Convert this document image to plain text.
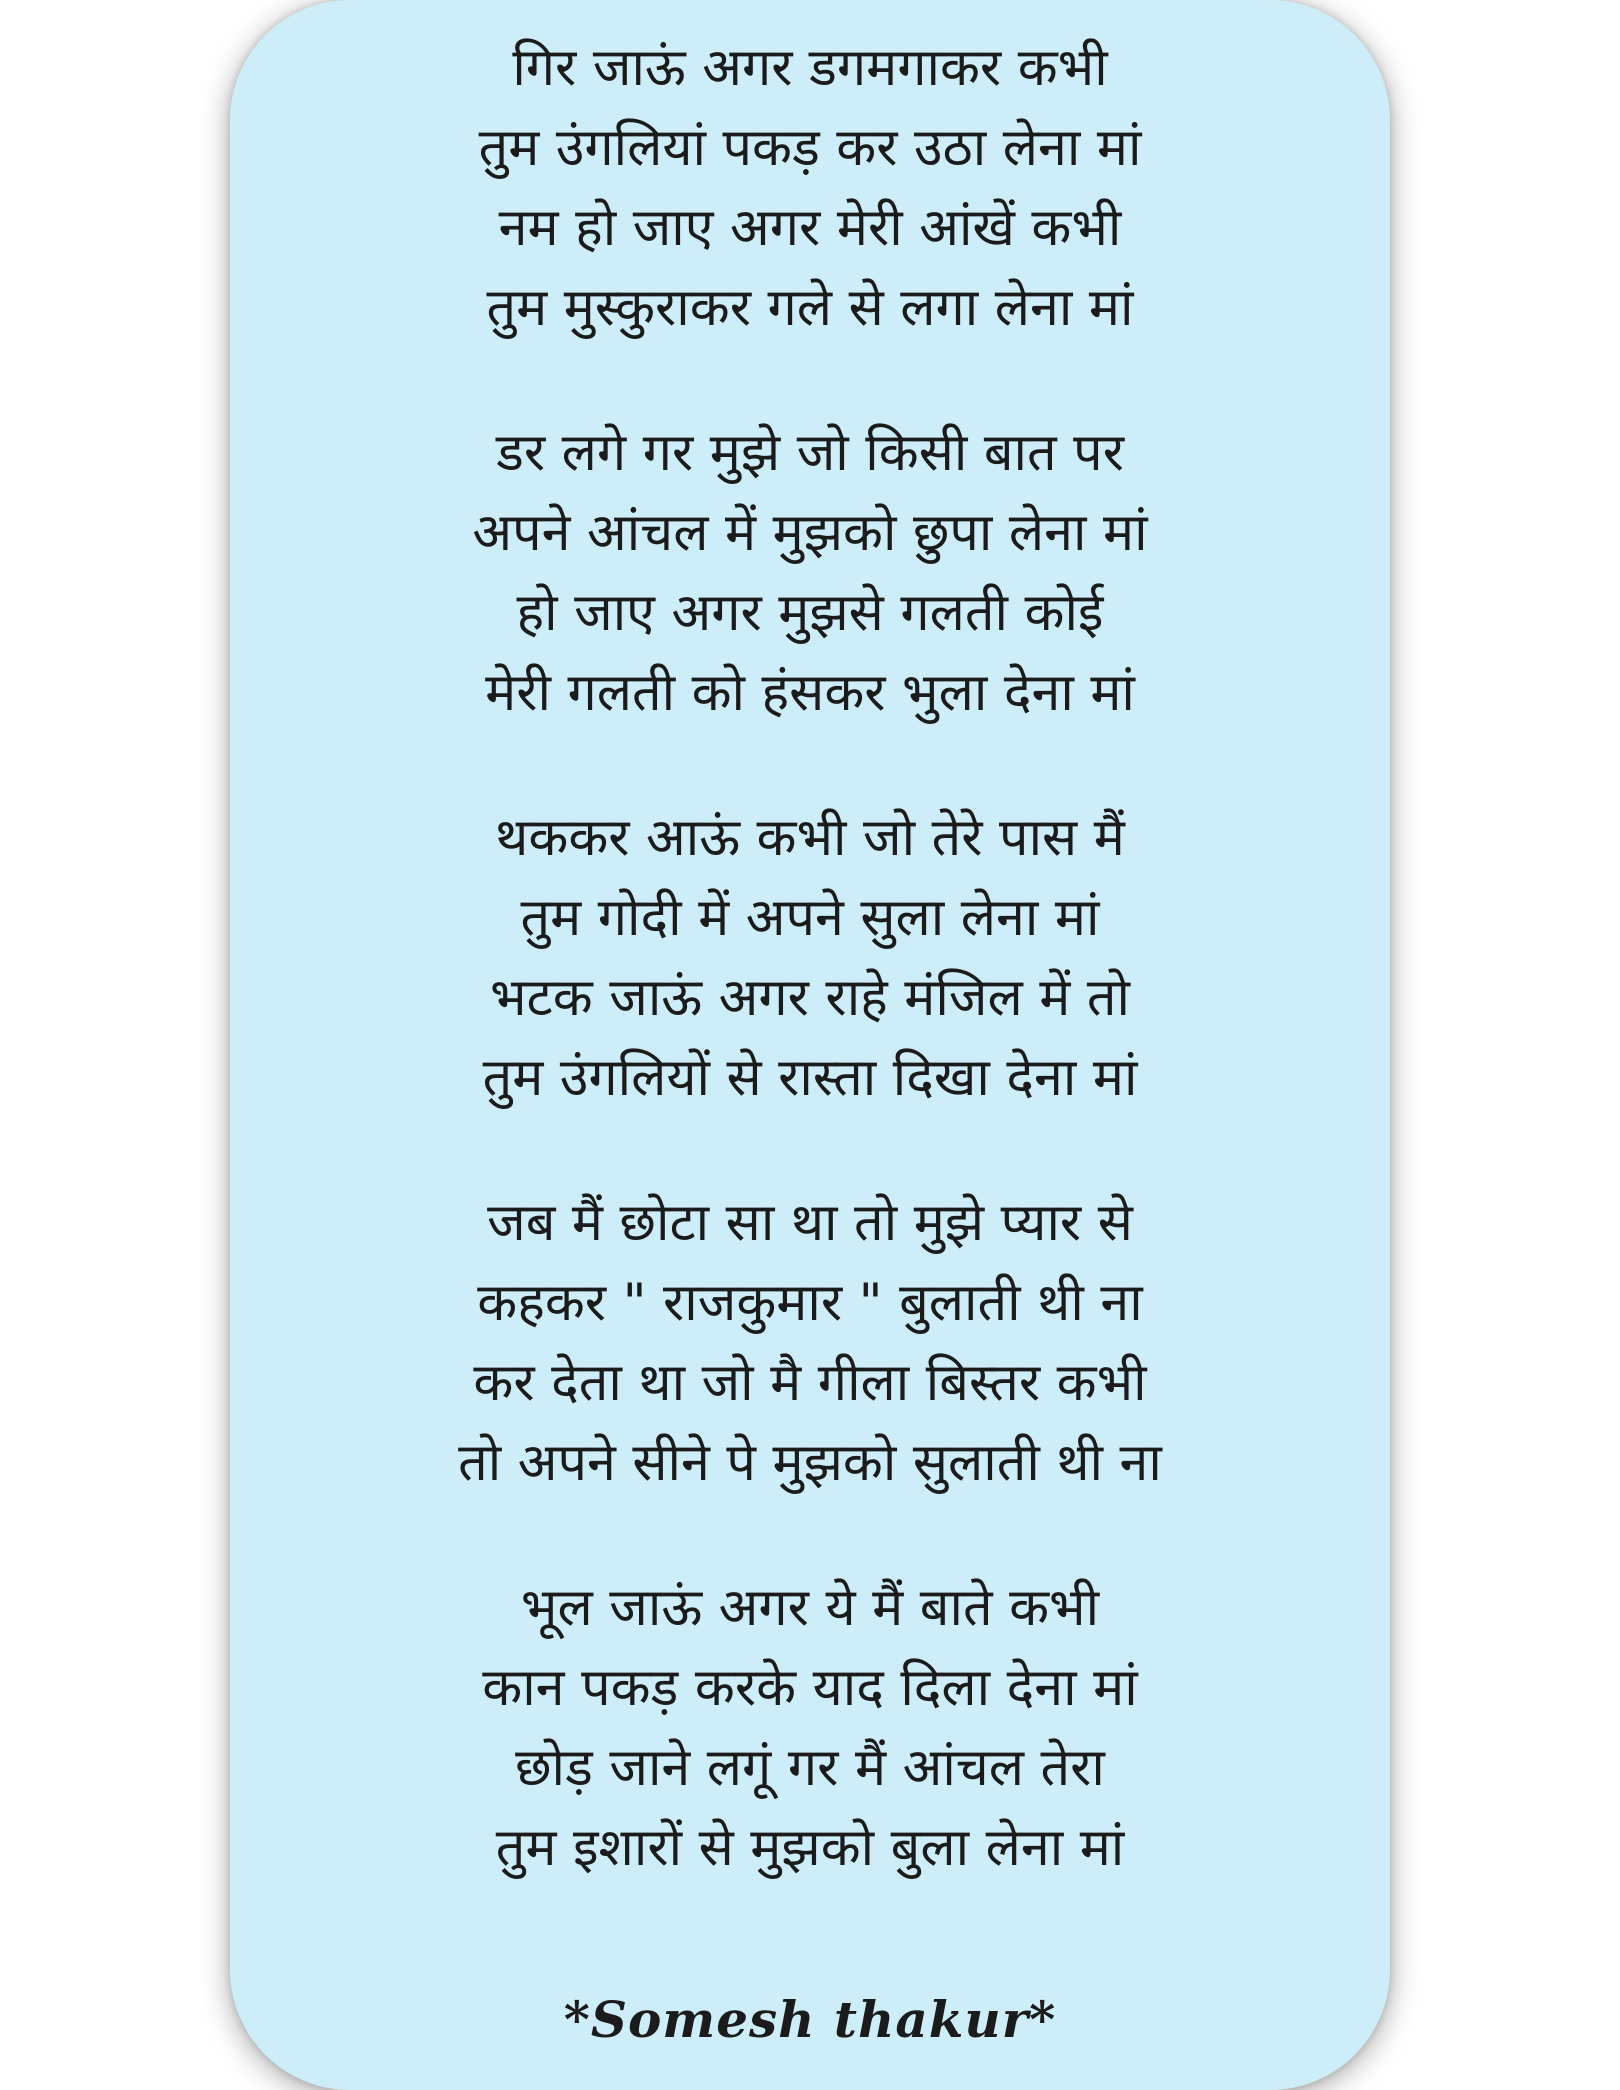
गिर जाऊं अगर डगमगाकर कभी
तुम उंगलियां पकड़ कर उठा लेना मां
नम हो जाए अगर मेरी आंखें कभी
तुम मुस्कुराकर गले से लगा लेना मां
डर लगे गर मुझे जो किसी बात पर
अपने आंचल में मुझको छुपा लेना मां
हो जाए अगर मुझसे गलती कोई
मेरी गलती को हंसकर भुला देना मां
थककर आऊं कभी जो तेरे पास मैं
तुम गोदी में अपने सुला लेना मां
भटक जाऊं अगर राहे मंजिल में तो
तुम उंगलियों से रास्ता दिखा देना मां
जब मैं छोटा सा था तो मुझे प्यार से
कहकर " राजकुमार " बुलाती थी ना
कर देता था जो मै गीला बिस्तर कभी
तो अपने सीने पे मुझको सुलाती थी ना
भूल जाऊं अगर ये मैं बाते कभी
कान पकड़ करके याद दिला देना मां
छोड़ जाने लगूं गर मैं आंचल तेरा
तुम इशारों से मुझको बुला लेना मां
*Somesh thakur*
